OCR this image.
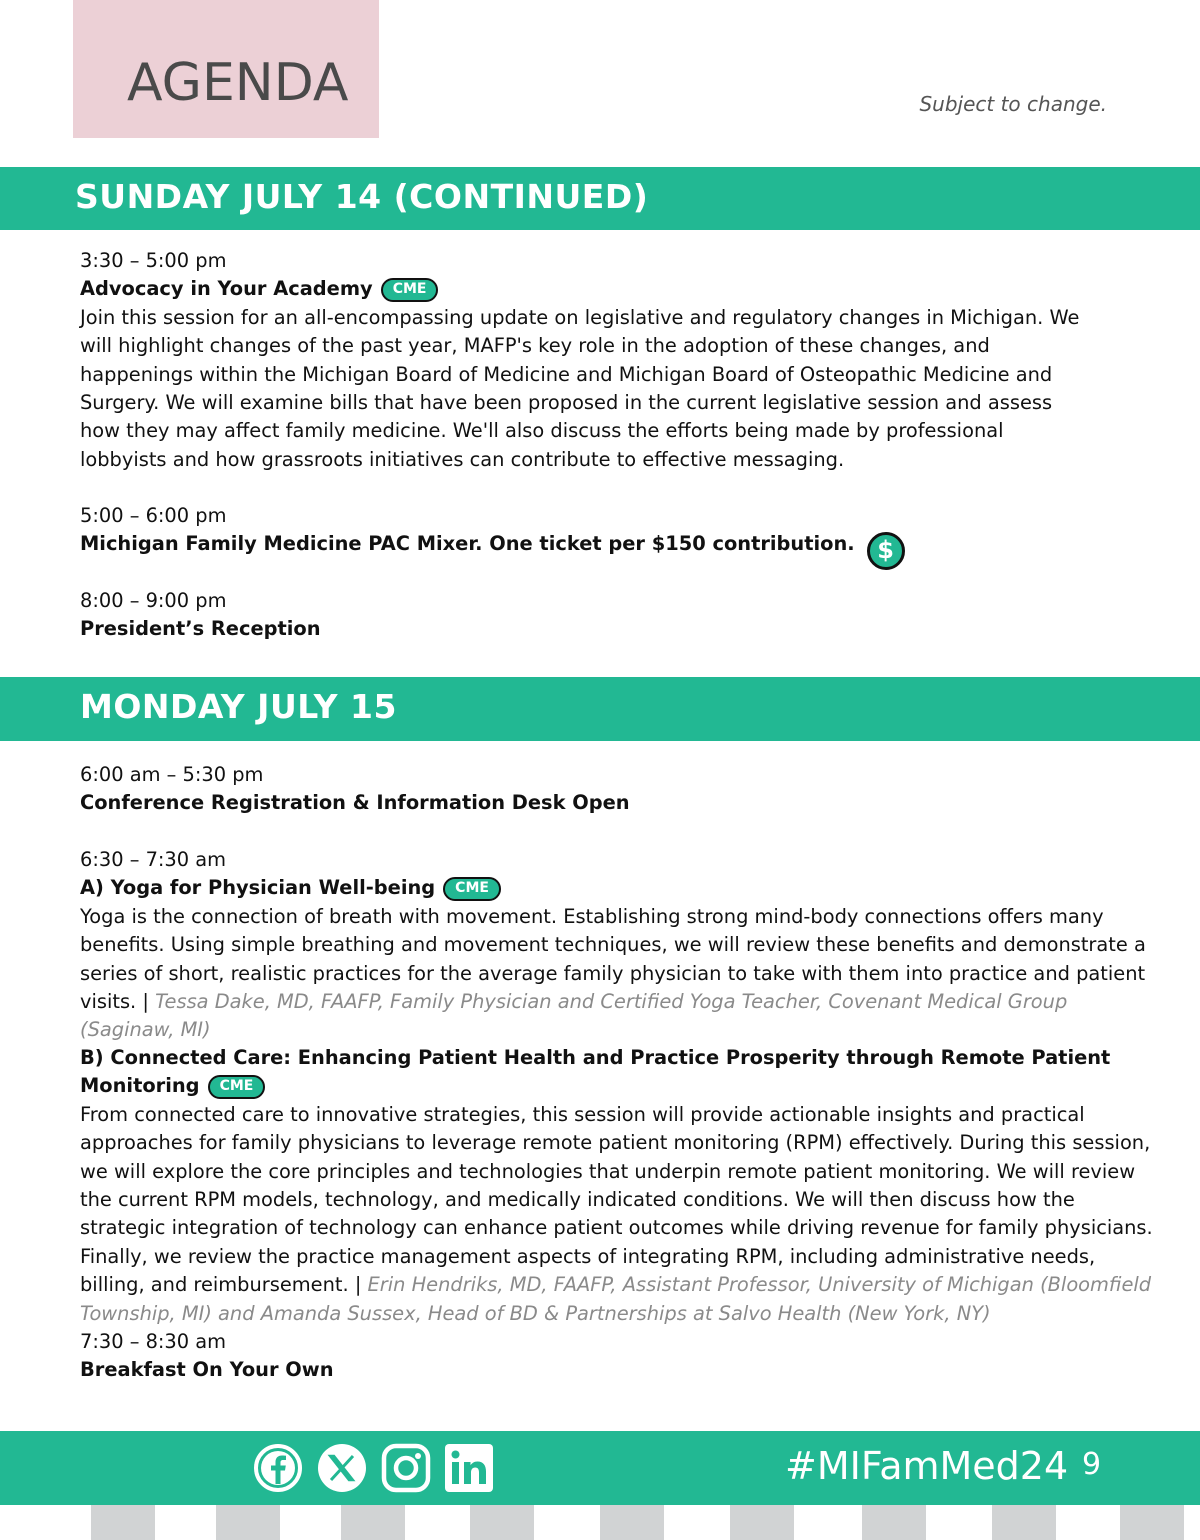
AGENDA	Subject to change.
SUNDAY JULY 14 (CONTINUED)
3:30 – 5:00 pm
Advocacy in Your Academy CME
Join this session for an all-encompassing update on legislative and regulatory changes in Michigan. We will highlight changes of the past year, MAFP's key role in the adoption of these changes, and happenings within the Michigan Board of Medicine and Michigan Board of Osteopathic Medicine and Surgery. We will examine bills that have been proposed in the current legislative session and assess how they may affect family medicine. We'll also discuss the efforts being made by professional lobbyists and how grassroots initiatives can contribute to effective messaging.
5:00 – 6:00 pm
Michigan Family Medicine PAC Mixer. One ticket per $150 contribution. $
8:00 – 9:00 pm
President’s Reception
MONDAY JULY 15
6:00 am – 5:30 pm
Conference Registration & Information Desk Open
6:30 – 7:30 am
A) Yoga for Physician Well-being CME
Yoga is the connection of breath with movement. Establishing strong mind-body connections offers many benefits. Using simple breathing and movement techniques, we will review these benefits and demonstrate a series of short, realistic practices for the average family physician to take with them into practice and patient visits. | Tessa Dake, MD, FAAFP, Family Physician and Certified Yoga Teacher, Covenant Medical Group (Saginaw, MI)
B) Connected Care: Enhancing Patient Health and Practice Prosperity through Remote Patient Monitoring CME
From connected care to innovative strategies, this session will provide actionable insights and practical approaches for family physicians to leverage remote patient monitoring (RPM) effectively. During this session, we will explore the core principles and technologies that underpin remote patient monitoring. We will review the current RPM models, technology, and medically indicated conditions. We will then discuss how the strategic integration of technology can enhance patient outcomes while driving revenue for family physicians. Finally, we review the practice management aspects of integrating RPM, including administrative needs, billing, and reimbursement. | Erin Hendriks, MD, FAAFP, Assistant Professor, University of Michigan (Bloomfield Township, MI) and Amanda Sussex, Head of BD & Partnerships at Salvo Health (New York, NY)
7:30 – 8:30 am
Breakfast On Your Own
#MIFamMed24 9
